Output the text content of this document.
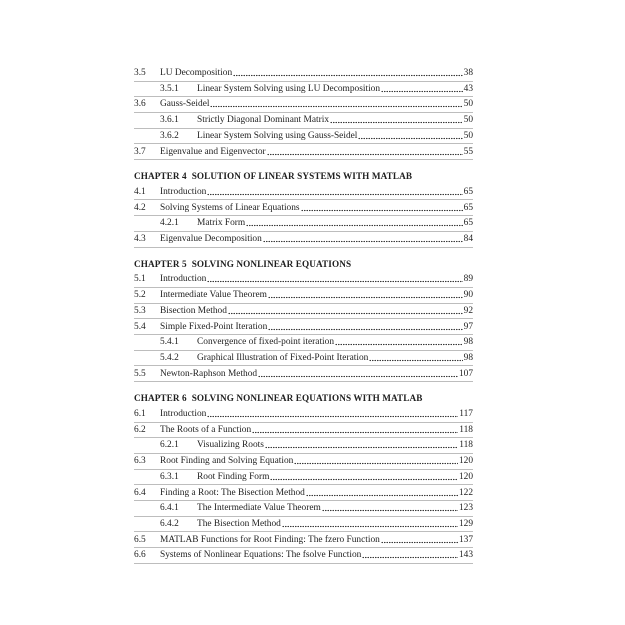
3.5	LU Decomposition	38
3.5.1	Linear System Solving using LU Decomposition	43
3.6	Gauss-Seidel	50
3.6.1	Strictly Diagonal Dominant Matrix	50
3.6.2	Linear System Solving using Gauss-Seidel	50
3.7	Eigenvalue and Eigenvector	55
CHAPTER 4 SOLUTION OF LINEAR SYSTEMS WITH MATLAB
4.1	Introduction	65
4.2	Solving Systems of Linear Equations	65
4.2.1	Matrix Form	65
4.3	Eigenvalue Decomposition	84
CHAPTER 5 SOLVING NONLINEAR EQUATIONS
5.1	Introduction	89
5.2	Intermediate Value Theorem	90
5.3	Bisection Method	92
5.4	Simple Fixed-Point Iteration	97
5.4.1	Convergence of fixed-point iteration	98
5.4.2	Graphical Illustration of Fixed-Point Iteration	98
5.5	Newton-Raphson Method	107
CHAPTER 6 SOLVING NONLINEAR EQUATIONS WITH MATLAB
6.1	Introduction	117
6.2	The Roots of a Function	118
6.2.1	Visualizing Roots	118
6.3	Root Finding and Solving Equation	120
6.3.1	Root Finding Form	120
6.4	Finding a Root: The Bisection Method	122
6.4.1	The Intermediate Value Theorem	123
6.4.2	The Bisection Method	129
6.5	MATLAB Functions for Root Finding: The fzero Function	137
6.6	Systems of Nonlinear Equations: The fsolve Function	143
